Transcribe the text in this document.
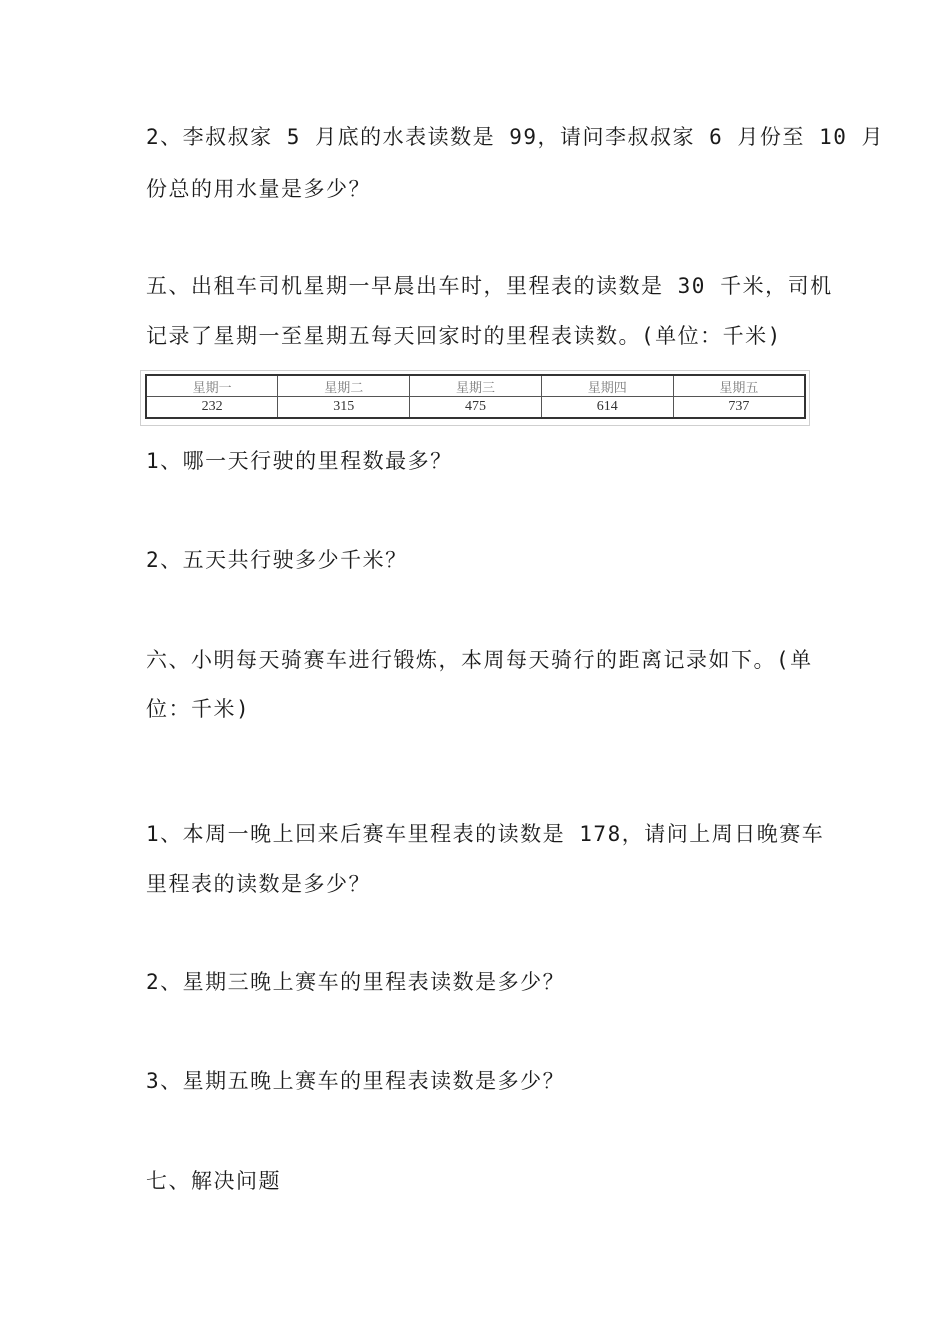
2、李叔叔家 5 月底的水表读数是 99，请问李叔叔家 6 月份至 10 月
份总的用水量是多少？
五、出租车司机星期一早晨出车时，里程表的读数是 30 千米，司机
记录了星期一至星期五每天回家时的里程表读数。(单位：千米)
星期一	星期二	星期三	星期四	星期五
232	315	475	614	737
1、哪一天行驶的里程数最多？
2、五天共行驶多少千米？
六、小明每天骑赛车进行锻炼，本周每天骑行的距离记录如下。(单
位：千米)
1、本周一晚上回来后赛车里程表的读数是 178，请问上周日晚赛车
里程表的读数是多少？
2、星期三晚上赛车的里程表读数是多少？
3、星期五晚上赛车的里程表读数是多少？
七、解决问题
